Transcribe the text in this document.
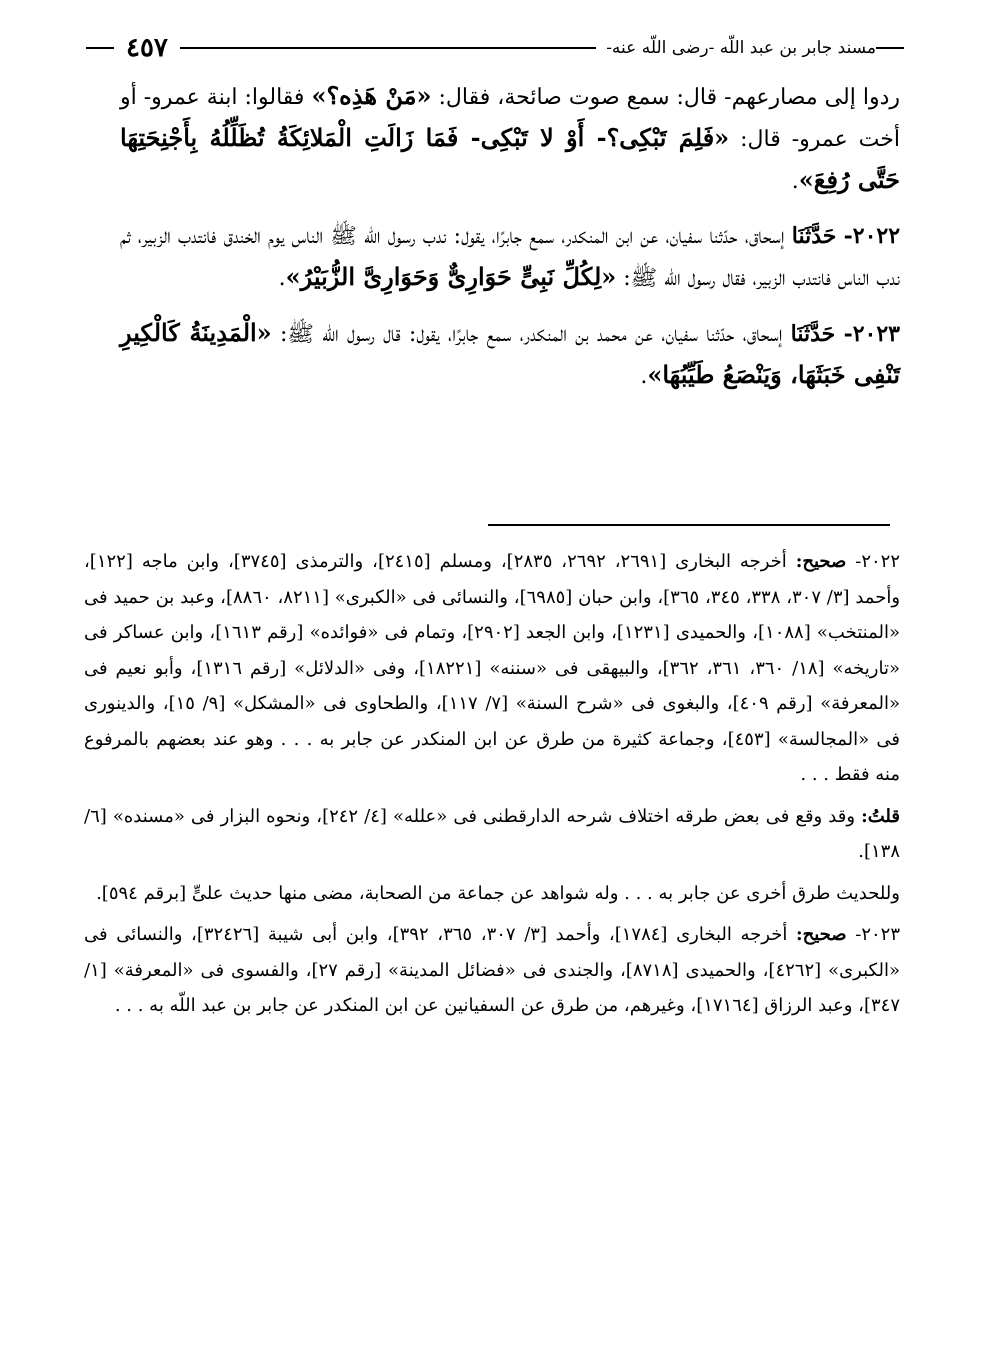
مسند جابر بن عبد اللّه -رضى اللّه عنه-
٤٥٧

ردوا إلى مصارعهم- قال: سمع صوت صائحة، فقال: «مَنْ هَذِه؟» فقالوا: ابنة عمرو- أو أخت عمرو- قال: «فَلِمَ تَبْكِى؟- أَوْ لا تَبْكِى- فَمَا زَالَتِ الْمَلائِكَةُ تُظَلِّلُهُ بِأَجْنِحَتِهَا حَتَّى رُفِعَ».

٢٠٢٢- حَدَّثَنَا إسحاق، حدّثنا سفيان، عن ابن المنكدر، سمع جابرًا، يقول: ندب رسول اللّه ﷺ الناس يوم الخندق فانتدب الزبير، ثم ندب الناس فانتدب الزبير، فقال رسول اللّه ﷺ: «لِكُلِّ نَبِىٍّ حَوَارِىٌّ وَحَوَارِىَّ الزُّبَيْرُ».

٢٠٢٣- حَدَّثَنَا إسحاق، حدّثنا سفيان، عن محمد بن المنكدر، سمع جابرًا، يقول: قال رسول اللّه ﷺ: «الْمَدِينَةُ كَالْكِيرِ تَنْفِى خَبَثَهَا، وَيَنْصَعُ طَيِّبُهَا».

٢٠٢٢- صحيح: أخرجه البخارى [٢٦٩١، ٢٦٩٢، ٢٨٣٥]، ومسلم [٢٤١٥]، والترمذى [٣٧٤٥]، وابن ماجه [١٢٢]، وأحمد [٣/ ٣٠٧، ٣٣٨، ٣٤٥، ٣٦٥]، وابن حبان [٦٩٨٥]، والنسائى فى «الكبرى» [٨٢١١، ٨٨٦٠]، وعبد بن حميد فى «المنتخب» [١٠٨٨]، والحميدى [١٢٣١]، وابن الجعد [٢٩٠٢]، وتمام فى «فوائده» [رقم ١٦١٣]، وابن عساكر فى «تاريخه» [١٨/ ٣٦٠، ٣٦١، ٣٦٢]، والبيهقى فى «سننه» [١٨٢٢١]، وفى «الدلائل» [رقم ١٣١٦]، وأبو نعيم فى «المعرفة» [رقم ٤٠٩]، والبغوى فى «شرح السنة» [٧/ ١١٧]، والطحاوى فى «المشكل» [٩/ ١٥]، والدينورى فى «المجالسة» [٤٥٣]، وجماعة كثيرة من طرق عن ابن المنكدر عن جابر به . . . وهو عند بعضهم بالمرفوع منه فقط . . .

قلتُ: وقد وقع فى بعض طرقه اختلاف شرحه الدارقطنى فى «علله» [٤/ ٢٤٢]، ونحوه البزار فى «مسنده» [٦/ ١٣٨].

وللحديث طرق أخرى عن جابر به . . . وله شواهد عن جماعة من الصحابة، مضى منها حديث علىٍّ [برقم ٥٩٤].

٢٠٢٣- صحيح: أخرجه البخارى [١٧٨٤]، وأحمد [٣/ ٣٠٧، ٣٦٥، ٣٩٢]، وابن أبى شيبة [٣٢٤٢٦]، والنسائى فى «الكبرى» [٤٢٦٢]، والحميدى [٨٧١٨]، والجندى فى «فضائل المدينة» [رقم ٢٧]، والفسوى فى «المعرفة» [١/ ٣٤٧]، وعبد الرزاق [١٧١٦٤]، وغيرهم، من طرق عن السفيانين عن ابن المنكدر عن جابر بن عبد اللّه به . . .
